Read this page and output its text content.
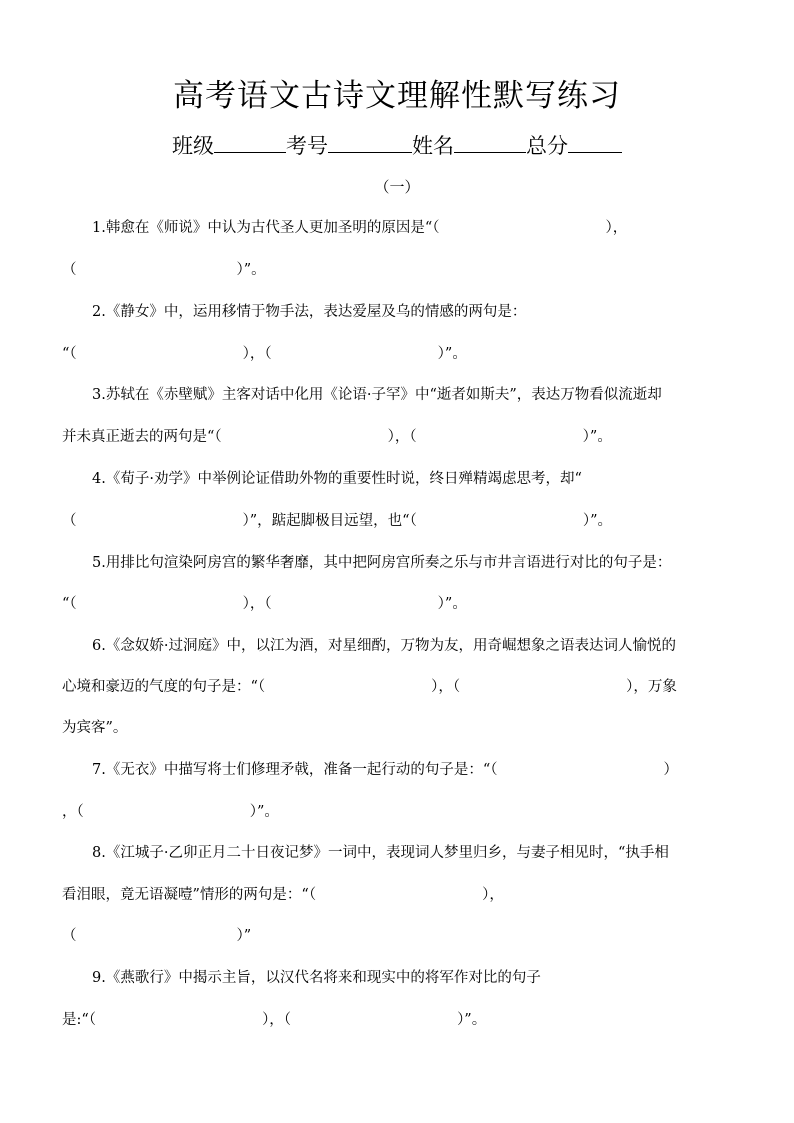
高考语文古诗文理解性默写练习
班级	考号	姓名	总分
（一）
1.韩愈在《师说》中认为古代圣人更加圣明的原因是“（	），
（	）”。
2.《静女》中，运用移情于物手法，表达爱屋及乌的情感的两句是：
“（	），（	）”。
3.苏轼在《赤壁赋》主客对话中化用《论语·子罕》中“逝者如斯夫”，表达万物看似流逝却
并未真正逝去的两句是“（	），（	）”。
4.《荀子·劝学》中举例论证借助外物的重要性时说，终日殚精竭虑思考，却“
（	）”，踮起脚极目远望，也“（	）”。
5.用排比句渲染阿房宫的繁华奢靡，其中把阿房宫所奏之乐与市井言语进行对比的句子是：
“（	），（	）”。
6.《念奴娇·过洞庭》中，以江为酒，对星细酌，万物为友，用奇崛想象之语表达词人愉悦的
心境和豪迈的气度的句子是：“（	），（	），万象
为宾客”。
7.《无衣》中描写将士们修理矛戟，准备一起行动的句子是：“（	）
，（	）”。
8.《江城子·乙卯正月二十日夜记梦》一词中，表现词人梦里归乡，与妻子相见时，“执手相
看泪眼，竟无语凝噎”情形的两句是：“（	），
（	）”
9.《燕歌行》中揭示主旨，以汉代名将来和现实中的将军作对比的句子
是:“（	），（	）”。
